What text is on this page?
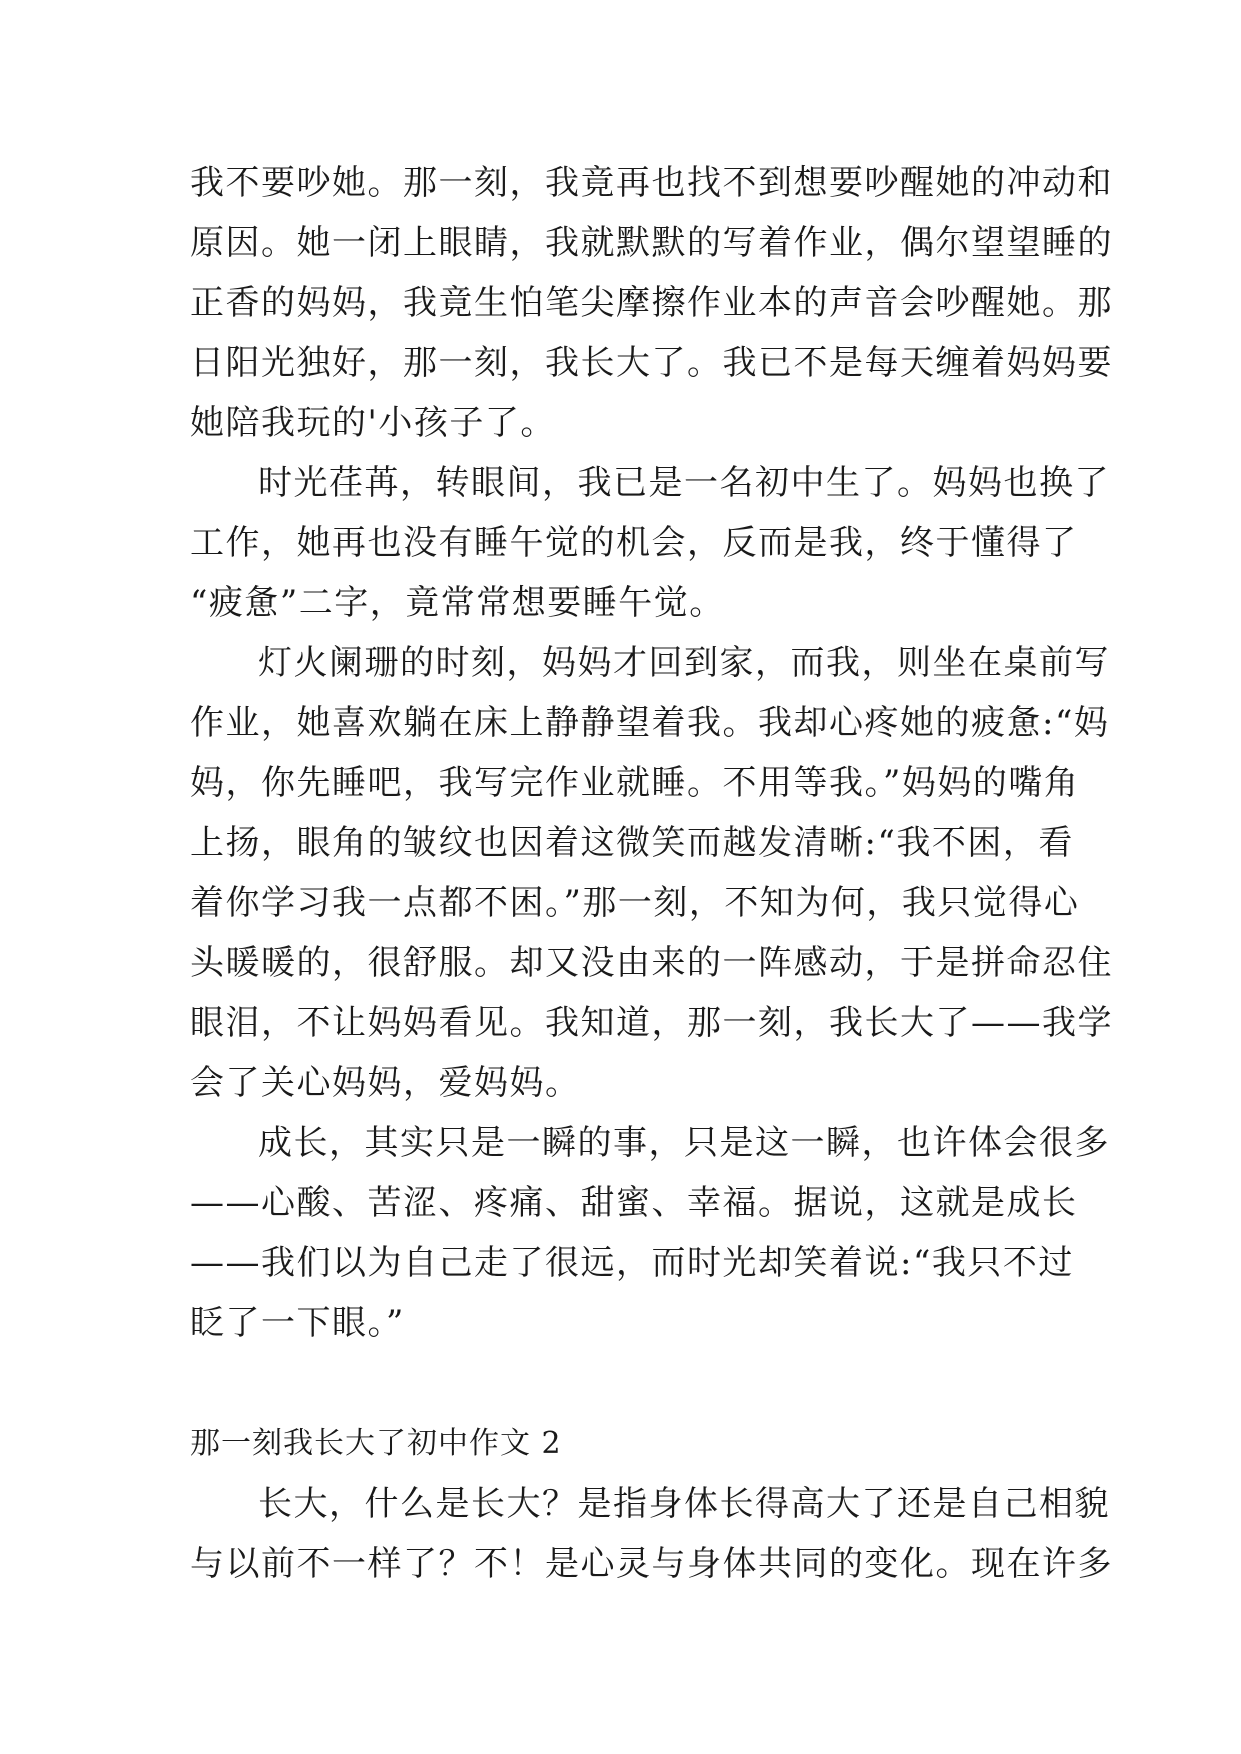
我不要吵她。那一刻，我竟再也找不到想要吵醒她的冲动和
原因。她一闭上眼睛，我就默默的写着作业，偶尔望望睡的
正香的妈妈，我竟生怕笔尖摩擦作业本的声音会吵醒她。那
日阳光独好，那一刻，我长大了。我已不是每天缠着妈妈要
她陪我玩的'小孩子了。
时光荏苒，转眼间，我已是一名初中生了。妈妈也换了
工作，她再也没有睡午觉的机会，反而是我，终于懂得了
“疲惫”二字，竟常常想要睡午觉。
灯火阑珊的时刻，妈妈才回到家，而我，则坐在桌前写
作业，她喜欢躺在床上静静望着我。我却心疼她的疲惫:“妈
妈，你先睡吧，我写完作业就睡。不用等我。”妈妈的嘴角
上扬，眼角的皱纹也因着这微笑而越发清晰:“我不困，看
着你学习我一点都不困。”那一刻，不知为何，我只觉得心
头暖暖的，很舒服。却又没由来的一阵感动，于是拼命忍住
眼泪，不让妈妈看见。我知道，那一刻，我长大了——我学
会了关心妈妈，爱妈妈。
成长，其实只是一瞬的事，只是这一瞬，也许体会很多
——心酸、苦涩、疼痛、甜蜜、幸福。据说，这就是成长
——我们以为自己走了很远，而时光却笑着说:“我只不过
眨了一下眼。”
那一刻我长大了初中作文 2
长大，什么是长大？是指身体长得高大了还是自己相貌
与以前不一样了？不！是心灵与身体共同的变化。现在许多
